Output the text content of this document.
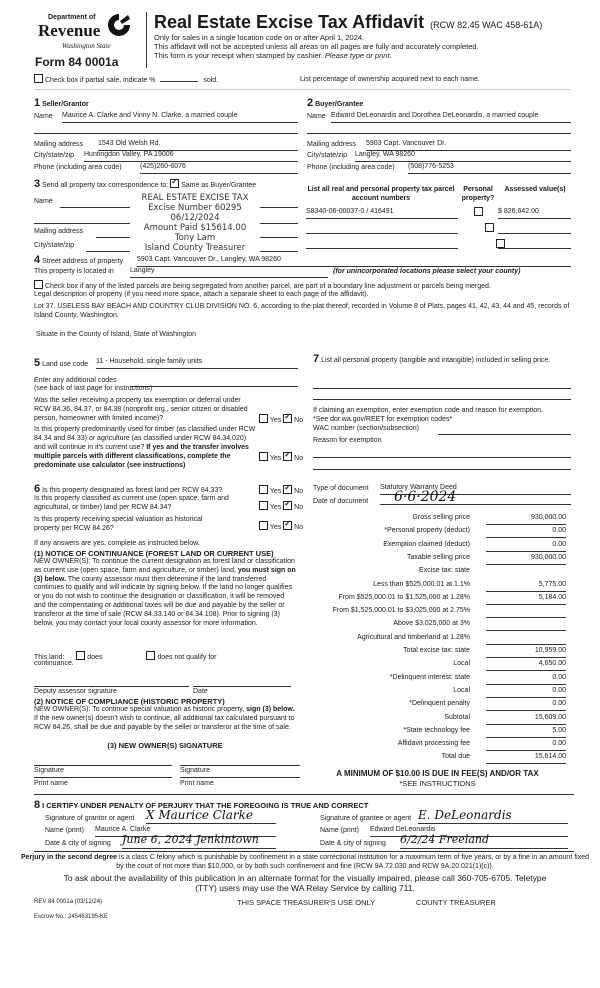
Department of
Revenue
Washington State
Form 84 0001a
Real Estate Excise Tax Affidavit (RCW 82.45 WAC 458-61A)
Only for sales in a single location code on or after April 1, 2024.
This affidavit will not be accepted unless all areas on all pages are fully and accurately completed.
This form is your receipt when stamped by cashier. Please type or print.
Check box if partial sale, indicate %	sold.	List percentage of ownership acquired next to each name.
1 Seller/Grantor
Name Maurice A. Clarke and Vinny N. Clarke, a married couple
Mailing address 1543 Old Welsh Rd.
City/state/zip Huntingdon Valley, PA 19006
Phone (including area code)	(425)260-6076
2 Buyer/Grantee
Name Edward DeLeonardis and Dorothea DeLeonardis, a married couple
Mailing address 5903 Capt. Vancouver Dr.
City/state/zip Langley, WA 98260
Phone (including area code) (508)776-5253
3 Send all property tax correspondence to: ✓ Same as Buyer/Grantee
Name
Mailing address
City/state/zip
REAL ESTATE EXCISE TAX
Excise Number 60295
06/12/2024
Amount Paid $15614.00
Tony Lam
Island County Treasurer
List all real and personal property tax parcel account numbers
Personal property?
Assessed value(s)
S8340-06-00037-0 / 416491
	$ 826,642.00

4 Street address of property 5903 Capt. Vancouver Dr., Langley, WA 98260
This property is located in Langley	(for unincorporated locations please select your county)
Check box if any of the listed parcels are being segregated from another parcel, are part of a boundary line adjustment or parcels being merged.
Legal description of property (if you need more space, attach a separate sheet to each page of the affidavit).
Lot 37, USELESS BAY BEACH AND COUNTRY CLUB DIVISION NO. 6, according to the plat thereof, recorded in Volume 8 of Plats, pages 41, 42, 43, 44 and 45, records of Island County, Washington.
Situate in the County of Island, State of Washington
5 Land use code 11 - Household, single family units
Enter any additional codes
(see back of last page for instructions)
Was the seller receiving a property tax exemption or deferral under RCW 84.36, 84.37, or 84.38 (nonprofit org., senior citizen or disabled person, homeowner with limited income)?	Yes ✓ No
Is this property predominantly used for timber (as classified under RCW 84.34 and 84.33) or agriculture (as classified under RCW 84.34.020) and will continue in it's current use? If yes and the transfer involves multiple parcels with different classifications, complete the predominate use calculator (see instructions)
Yes ✓ No
7 List all personal property (tangible and intangible) included in selling price.
If claiming an exemption, enter exemption code and reason for exemption. *See dor.wa.gov/REET for exemption codes*
WAC number (section/subsection)
Reason for exemption
Type of document Statutory Warranty Deed
Date of document	6·6·2024
6 Is this property designated as forest land per RCW 84.33?	Yes ✓ No
Is this property classified as current use (open space, farm and agricultural, or timber) land per RCW 84.34?	Yes ✓ No
Is this property receiving special valuation as historical property per RCW 84.26?	Yes ✓ No
If any answers are yes, complete as instructed below.
(1) NOTICE OF CONTINUANCE (FOREST LAND OR CURRENT USE)
NEW OWNER(S): To continue the current designation as forest land or classification as current use (open space, farm and agriculture, or timber) land, you must sign on (3) below. The county assessor must then determine if the land transferred continues to qualify and will indicate by signing below. If the land no longer qualifies or you do not wish to continue the designation or classification, it will be removed and the compensating or additional taxes will be due and payable by the seller or transferor at the time of sale (RCW 84.33.140 or 84.34.108). Prior to signing (3) below, you may contact your local county assessor for more information.
This land:	does	does not qualify for
continuance.
Deputy assessor signature	Date
(2) NOTICE OF COMPLIANCE (HISTORIC PROPERTY)
NEW OWNER(S): To continue special valuation as historic property, sign (3) below. If the new owner(s) doesn't wish to continue, all additional tax calculated pursuant to RCW 84.26, shall be due and payable by the seller or transferor at the time of sale.
(3) NEW OWNER(S) SIGNATURE
Signature	Signature
Print name	Print name
Gross selling price	930,000.00
*Personal property (deduct)	0.00
Exemption claimed (deduct)	0.00
Taxable selling price	930,000.00
Excise tax: state
Less than $525,000.01 at 1.1%	5,775.00
From $525,000.01 to $1,525,000 at 1.28%	5,184.00
From $1,525,000.01 to $3,025,000 at 2.75%
Above $3,025,000 at 3%
Agricultural and timberland at 1.28%
Total excise tax: state	10,959.00
Local	4,650.00
*Delinquent interest: state	0.00
Local	0.00
*Delinquent penalty	0.00
Subtotal	15,609.00
*State technology fee	5.00
Affidavit processing fee	0.00
Total due	15,614.00
A MINIMUM OF $10.00 IS DUE IN FEE(S) AND/OR TAX
*SEE INSTRUCTIONS
8 I CERTIFY UNDER PENALTY OF PERJURY THAT THE FOREGOING IS TRUE AND CORRECT
Signature of grantor or agent X Maurice Clarke
Name (print) Maurice A. Clarke
Date & city of signing June 6, 2024 Jenkintown
Signature of grantee or agent E. DeLeonardis
Name (print) Edward DeLeonardis
Date & city of signing 6/2/24 Freeland
Perjury in the second degree is a class C felony which is punishable by confinement in a state correctional institution for a maximum term of five years, or by a fine in an amount fixed by the court of not more than $10,000, or by both such confinement and fine (RCW 9A.72.030 and RCW 9A.20.021(1)(c)).
To ask about the availability of this publication in an alternate format for the visually impaired, please call 360-705-6705. Teletype (TTY) users may use the WA Relay Service by calling 711.
REV 84 0001a (03/12/24)	THIS SPACE TREASURER'S USE ONLY	COUNTY TREASURER
Escrow No.: 245463195-KE
